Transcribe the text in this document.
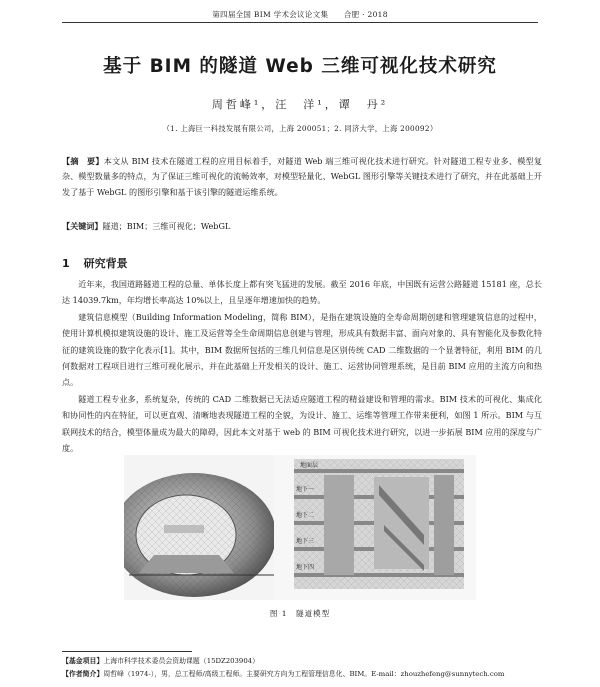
第四届全国 BIM 学术会议论文集　　合肥 · 2018
基于 BIM 的隧道 Web 三维可视化技术研究
周哲峰¹，汪　洋¹，谭　丹²
（1. 上海巨一科技发展有限公司，上海 200051；2. 同济大学，上海 200092）
【摘　要】本文从 BIM 技术在隧道工程的应用目标着手，对隧道 Web 端三维可视化技术进行研究。针对隧道工程专业多、模型复杂、模型数量多的特点，为了保证三维可视化的流畅效率，对模型轻量化、WebGL 图形引擎等关键技术进行了研究，并在此基础上开发了基于 WebGL 的图形引擎和基于该引擎的隧道运维系统。
【关键词】隧道；BIM；三维可视化；WebGL
1 研究背景

近年来，我国道路隧道工程的总量、单体长度上都有突飞猛进的发展。截至 2016 年底，中国既有运营公路隧道 15181 座，总长达 14039.7km，年均增长率高达 10%以上，且呈逐年增速加快的趋势。

建筑信息模型（Building Information Modeling，简称 BIM），是指在建筑设施的全寿命周期创建和管理建筑信息的过程中，使用计算机模拟建筑设施的设计、施工及运营等全生命周期信息创建与管理，形成具有数据丰富、面向对象的、具有智能化及参数化特征的建筑设施的数字化表示[1]。其中，BIM 数据所包括的三维几何信息是区别传统 CAD 二维数据的一个显著特征，利用 BIM 的几何数据对工程项目进行三维可视化展示，并在此基础上开发相关的设计、施工、运营协同管理系统，是目前 BIM 应用的主流方向和热点。

隧道工程专业多，系统复杂，传统的 CAD 二维数据已无法适应隧道工程的精益建设和管理的需求。BIM 技术的可视化、集成化和协同性的内在特征，可以更直观、清晰地表现隧道工程的全貌，为设计、施工、运维等管理工作带来便利，如图 1 所示。BIM 与互联网技术的结合，模型体量成为最大的障碍，因此本文对基于 web 的 BIM 可视化技术进行研究，以进一步拓展 BIM 应用的深度与广度。

地面层
地下一
地下二
地下三
地下四
图 1　隧道模型
【基金项目】上海市科学技术委员会资助课题（15DZ203904）
【作者简介】周哲峰（1974-），男，总工程师/高级工程师。主要研究方向为工程管理信息化、BIM。E-mail：zhouzhefeng@sunnytech.com
